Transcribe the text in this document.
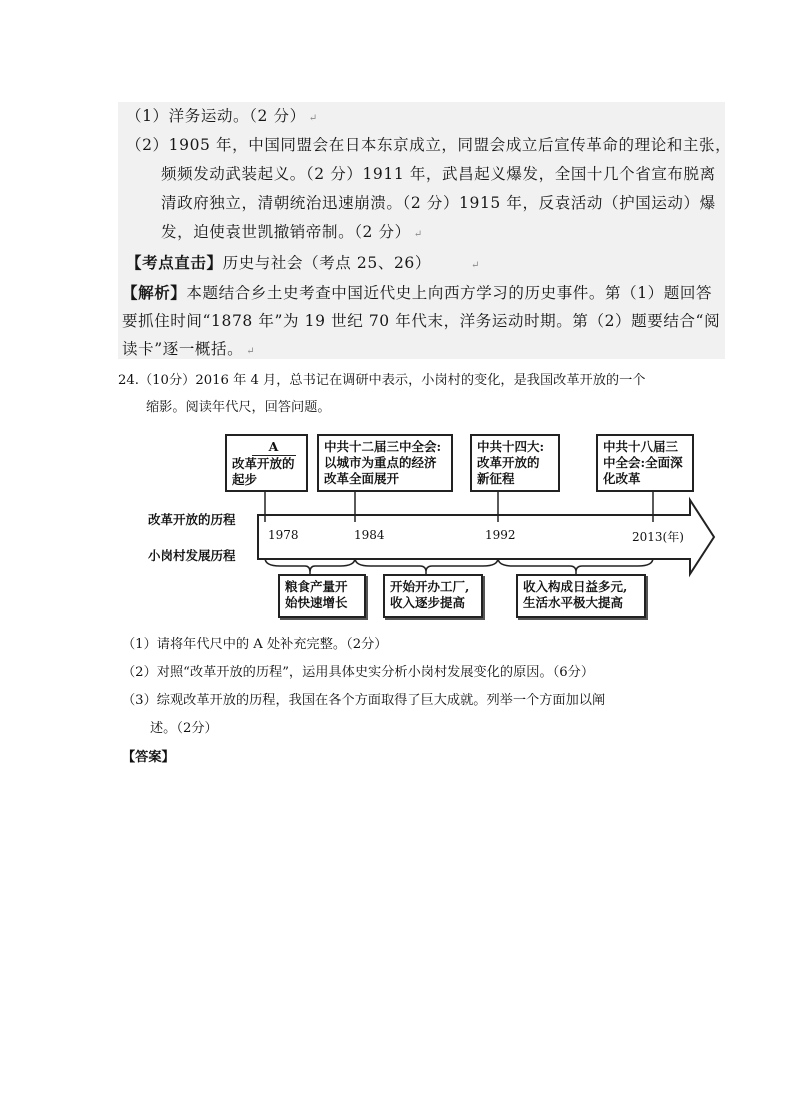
（1）洋务运动。（2 分） ↵
（2）1905 年，中国同盟会在日本东京成立，同盟会成立后宣传革命的理论和主张，
频频发动武装起义。（2 分）1911 年，武昌起义爆发，全国十几个省宣布脱离
清政府独立，清朝统治迅速崩溃。（2 分）1915 年，反袁活动（护国运动）爆
发，迫使袁世凯撤销帝制。（2 分） ↵
【考点直击】历史与社会（考点 25、26）	↵
【解析】本题结合乡土史考查中国近代史上向西方学习的历史事件。第（1）题回答
要抓住时间“1878 年”为 19 世纪 70 年代末，洋务运动时期。第（2）题要结合“阅
读卡”逐一概括。 ↵
24.（10分）2016 年 4 月，总书记在调研中表示，小岗村的变化，是我国改革开放的一个
缩影。阅读年代尺，回答问题。
A
改革开放的
起步
中共十二届三中全会:
以城市为重点的经济
改革全面展开
中共十四大:
改革开放的
新征程
中共十八届三
中全会:全面深
化改革
改革开放的历程
小岗村发展历程
1978	1984	1992	2013(年)
粮食产量开
始快速增长
开始开办工厂,
收入逐步提高
收入构成日益多元,
生活水平极大提高
（1）请将年代尺中的 A 处补充完整。（2分）
（2）对照“改革开放的历程”，运用具体史实分析小岗村发展变化的原因。（6分）
（3）综观改革开放的历程，我国在各个方面取得了巨大成就。列举一个方面加以阐
述。（2分）
【答案】
